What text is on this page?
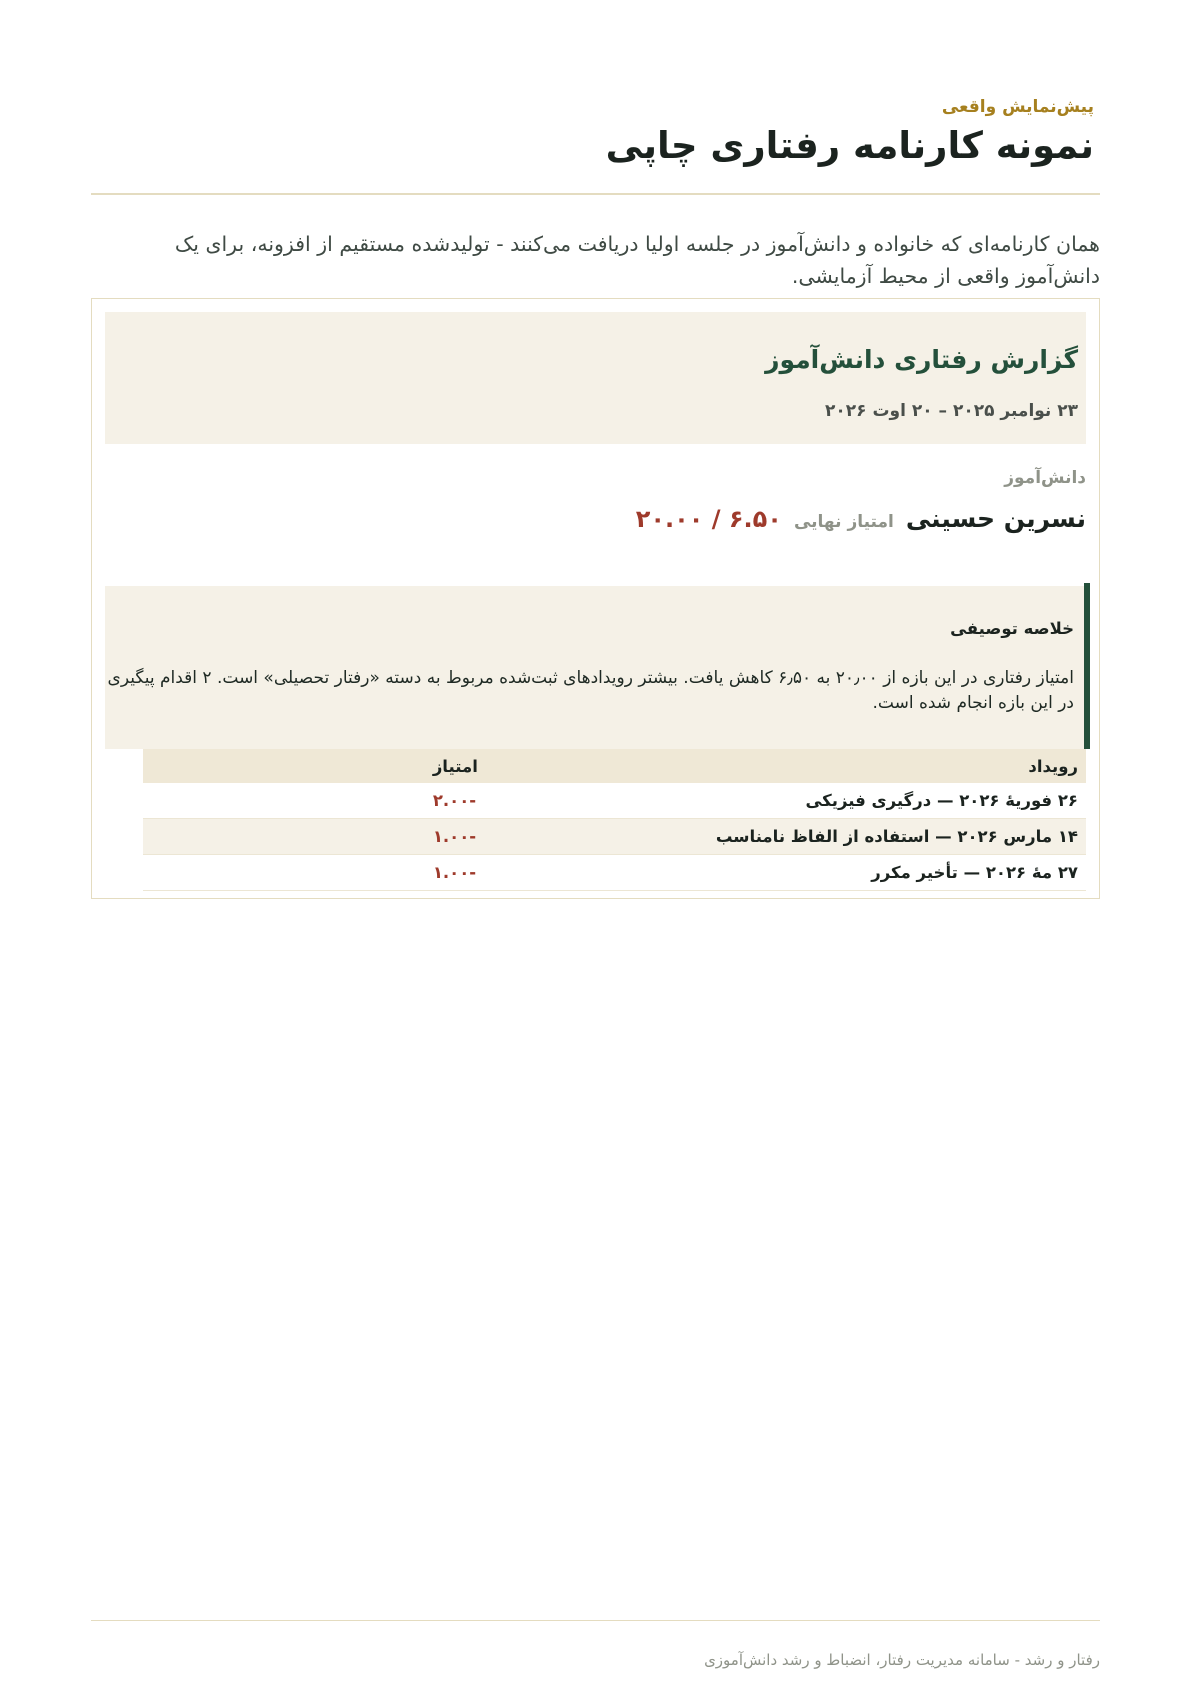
پیش‌نمایش واقعی
نمونه کارنامه رفتاری چاپی

همان کارنامه‌ای که خانواده و دانش‌آموز در جلسه اولیا دریافت می‌کنند - تولیدشده مستقیم از افزونه، برای یک دانش‌آموز واقعی از محیط آزمایشی.

گزارش رفتاری دانش‌آموز
۲۳ نوامبر ۲۰۲۵ – ۲۰ اوت ۲۰۲۶
دانش‌آموز
نسرین حسینی
امتیاز نهایی
۶.۵۰ / ۲۰.۰۰
خلاصه توصیفی

امتیاز رفتاری در این بازه از ۲۰٫۰۰ به ۶٫۵۰ کاهش یافت. بیشتر رویدادهای ثبت‌شده مربوط به دسته «رفتار تحصیلی» است. ۲ اقدام پیگیری در این بازه انجام شده است.

رویداد	امتیاز
۲۶ فوریهٔ ۲۰۲۶ — درگیری فیزیکی	-۲.۰۰
۱۴ مارس ۲۰۲۶ — استفاده از الفاظ نامناسب	-۱.۰۰
۲۷ مهٔ ۲۰۲۶ — تأخیر مکرر	-۱.۰۰
رفتار و رشد - سامانه مدیریت رفتار، انضباط و رشد دانش‌آموزی
